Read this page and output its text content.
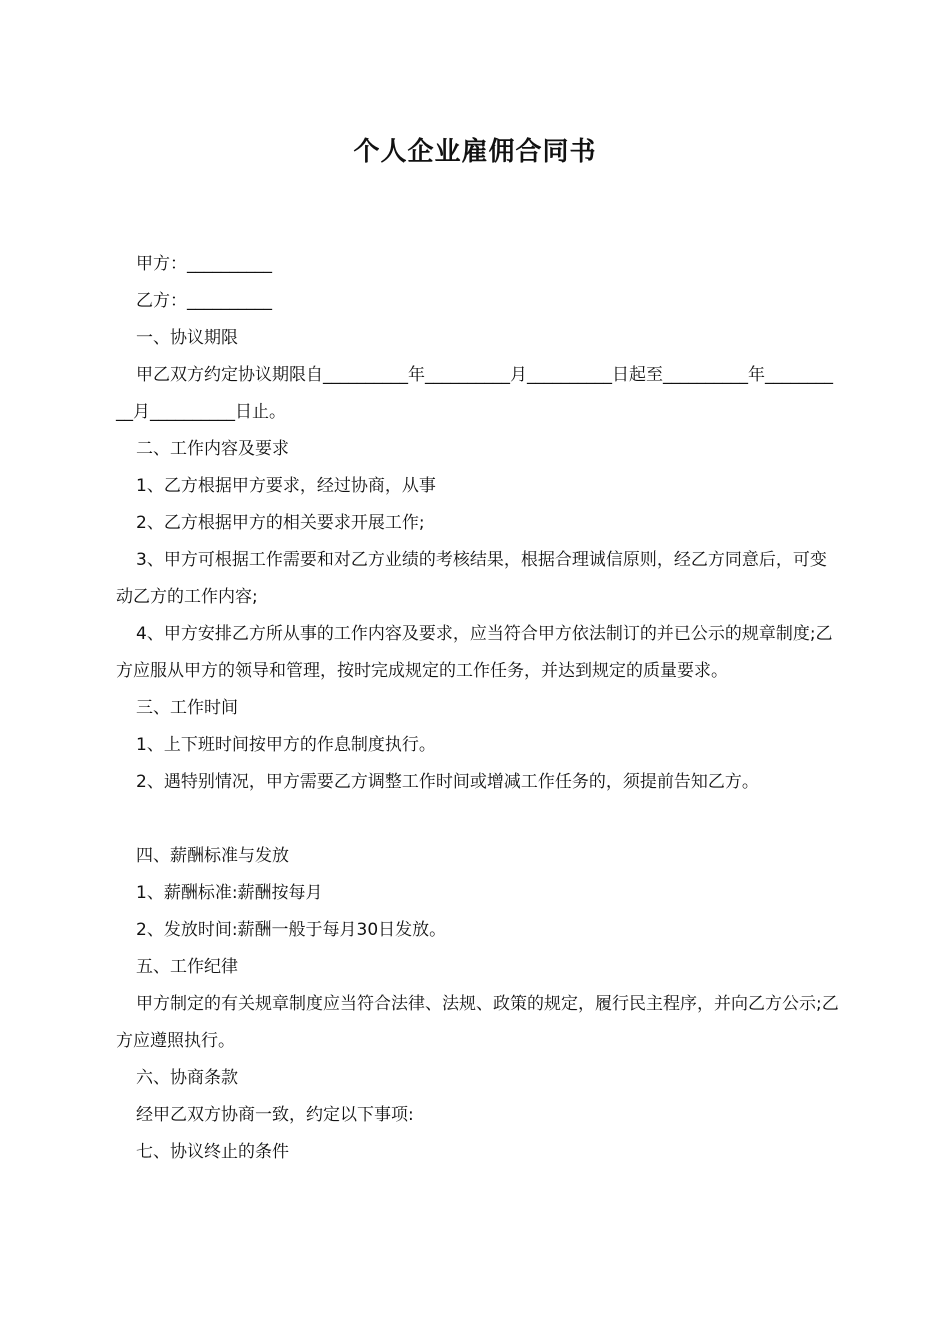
个人企业雇佣合同书

甲方：__________

乙方：__________

一、协议期限

甲乙双方约定协议期限自__________年__________月__________日起至__________年__________月__________日止。

二、工作内容及要求

1、乙方根据甲方要求，经过协商，从事

2、乙方根据甲方的相关要求开展工作;

3、甲方可根据工作需要和对乙方业绩的考核结果，根据合理诚信原则，经乙方同意后，可变动乙方的工作内容;

4、甲方安排乙方所从事的工作内容及要求，应当符合甲方依法制订的并已公示的规章制度;乙方应服从甲方的领导和管理，按时完成规定的工作任务，并达到规定的质量要求。

三、工作时间

1、上下班时间按甲方的作息制度执行。

2、遇特别情况，甲方需要乙方调整工作时间或增减工作任务的，须提前告知乙方。

四、薪酬标准与发放

1、薪酬标准:薪酬按每月

2、发放时间:薪酬一般于每月30日发放。

五、工作纪律

甲方制定的有关规章制度应当符合法律、法规、政策的规定，履行民主程序，并向乙方公示;乙方应遵照执行。

六、协商条款

经甲乙双方协商一致，约定以下事项:

七、协议终止的条件
